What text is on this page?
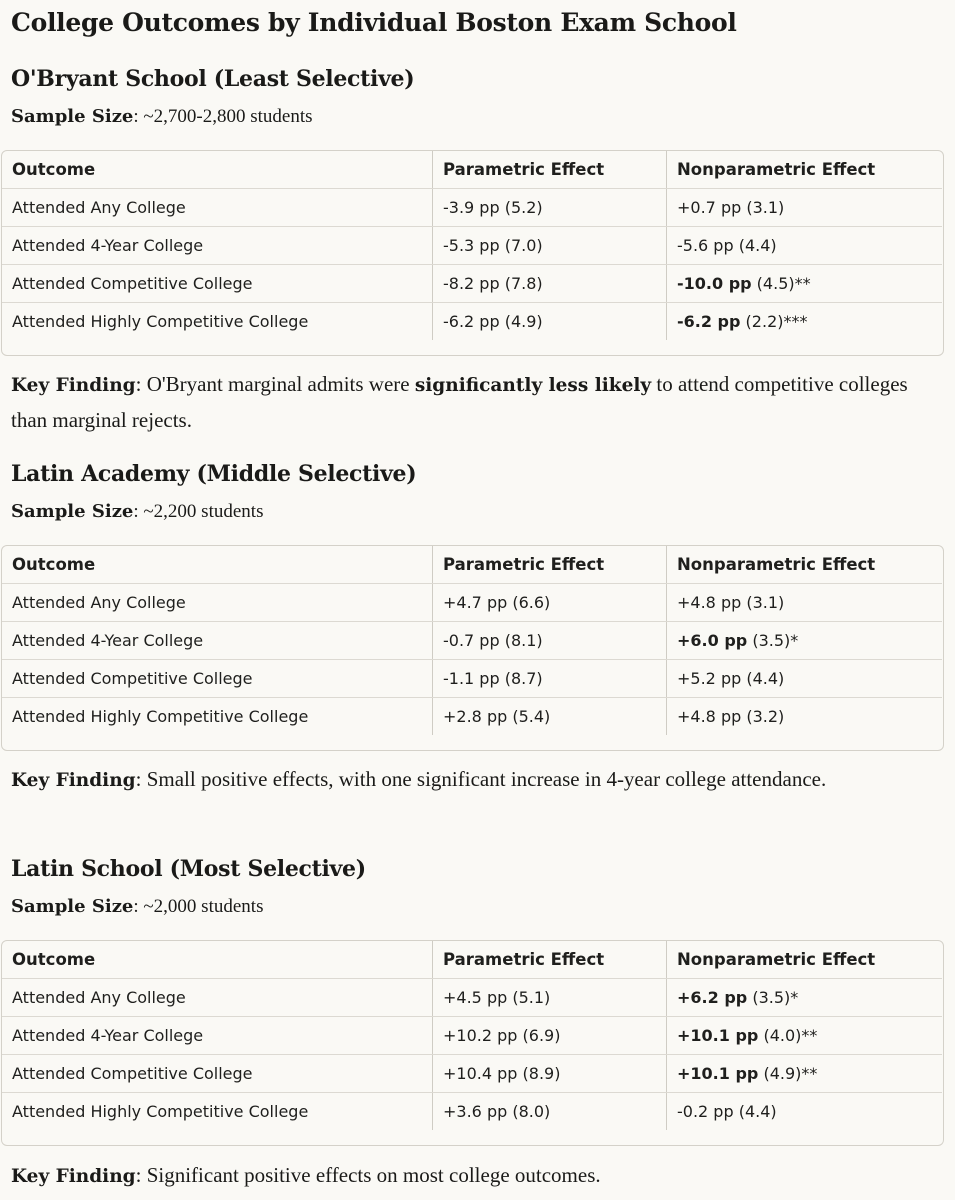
College Outcomes by Individual Boston Exam School
O'Bryant School (Least Selective)

Sample Size: ~2,700-2,800 students

Outcome	Parametric Effect	Nonparametric Effect
Attended Any College	-3.9 pp (5.2)	+0.7 pp (3.1)
Attended 4-Year College	-5.3 pp (7.0)	-5.6 pp (4.4)
Attended Competitive College	-8.2 pp (7.8)	-10.0 pp (4.5)**
Attended Highly Competitive College	-6.2 pp (4.9)	-6.2 pp (2.2)***

Key Finding: O'Bryant marginal admits were significantly less likely to attend competitive colleges than marginal rejects.

Latin Academy (Middle Selective)

Sample Size: ~2,200 students

Outcome	Parametric Effect	Nonparametric Effect
Attended Any College	+4.7 pp (6.6)	+4.8 pp (3.1)
Attended 4-Year College	-0.7 pp (8.1)	+6.0 pp (3.5)*
Attended Competitive College	-1.1 pp (8.7)	+5.2 pp (4.4)
Attended Highly Competitive College	+2.8 pp (5.4)	+4.8 pp (3.2)

Key Finding: Small positive effects, with one significant increase in 4-year college attendance.

Latin School (Most Selective)

Sample Size: ~2,000 students

Outcome	Parametric Effect	Nonparametric Effect
Attended Any College	+4.5 pp (5.1)	+6.2 pp (3.5)*
Attended 4-Year College	+10.2 pp (6.9)	+10.1 pp (4.0)**
Attended Competitive College	+10.4 pp (8.9)	+10.1 pp (4.9)**
Attended Highly Competitive College	+3.6 pp (8.0)	-0.2 pp (4.4)

Key Finding: Significant positive effects on most college outcomes.
